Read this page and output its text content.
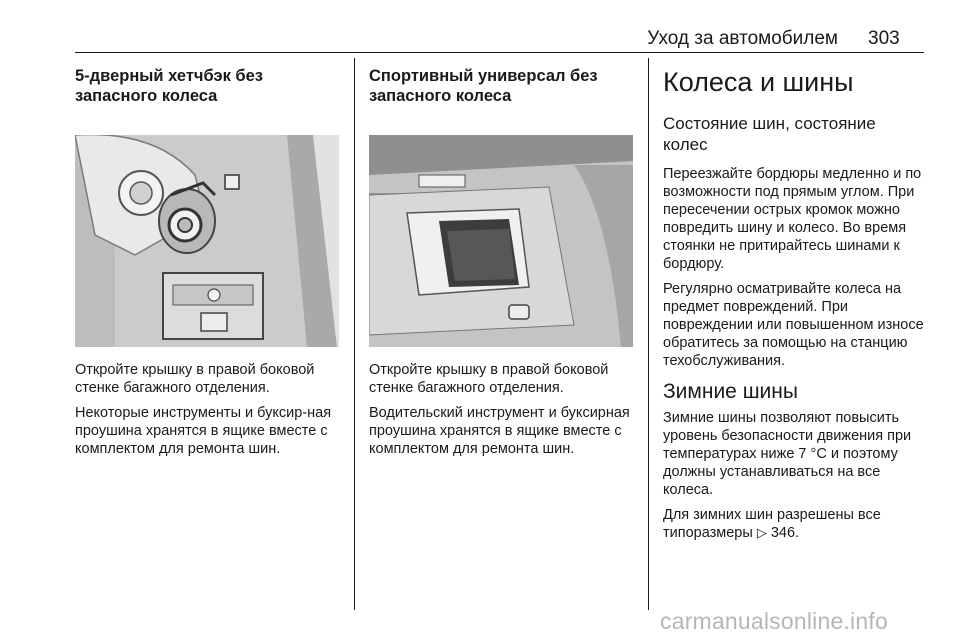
Уход за автомобилем 303

5-дверный хетчбэк без
запасного колеса

Откройте крышку в правой боковой стенке багажного отделения.

Некоторые инструменты и буксир-ная проушина хранятся в ящике вместе с комплектом для ремонта шин.

Спортивный универсал без
запасного колеса

Откройте крышку в правой боковой стенке багажного отделения.

Водительский инструмент и буксирная проушина хранятся в ящике вместе с комплектом для ремонта шин.

Колеса и шины
Состояние шин, состояние
колес

Переезжайте бордюры медленно и по возможности под прямым углом. При пересечении острых кромок можно повредить шину и колесо. Во время стоянки не притирайтесь шинами к бордюру.

Регулярно осматривайте колеса на предмет повреждений. При повреждении или повышенном износе обратитесь за помощью на станцию техобслуживания.

Зимние шины

Зимние шины позволяют повысить уровень безопасности движения при температурах ниже 7 °C и поэтому должны устанавливаться на все колеса.

Для зимних шин разрешены все типоразмеры ▷ 346.

carmanualsonline.info
